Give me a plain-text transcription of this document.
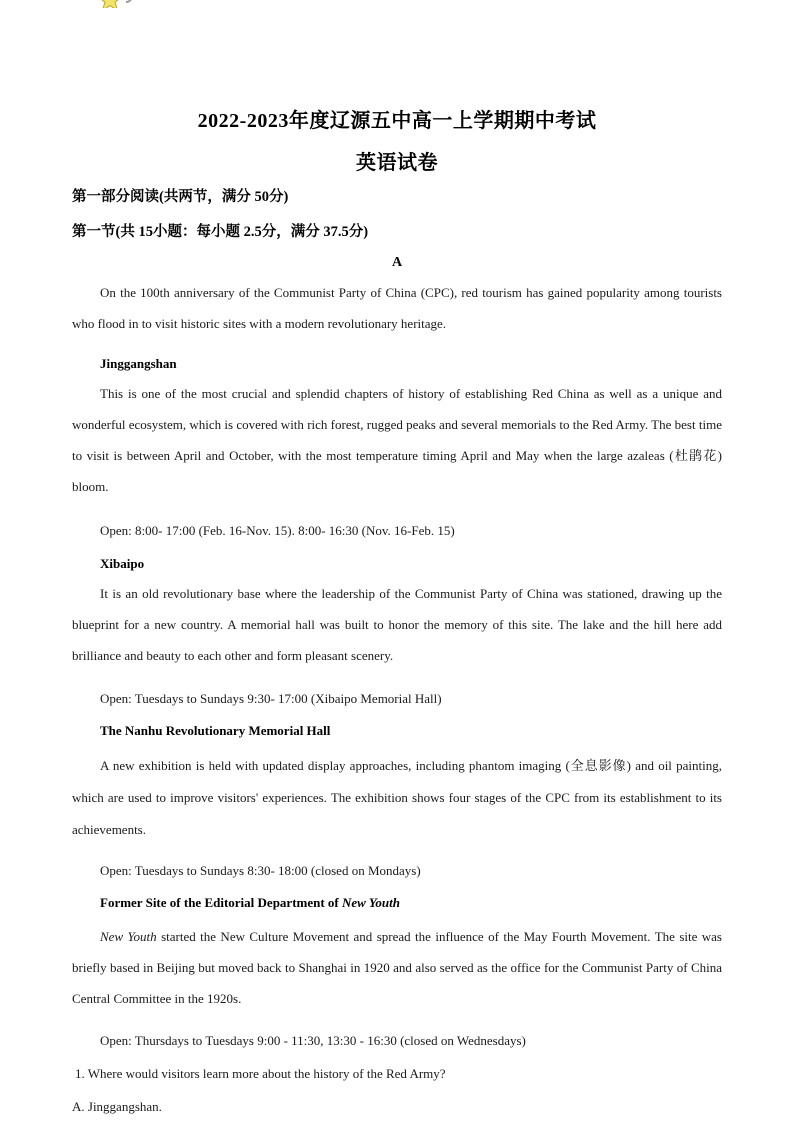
2022-2023年度辽源五中高一上学期期中考试
英语试卷
第一部分阅读(共两节，满分 50分)
第一节(共 15小题：每小题 2.5分，满分 37.5分)
A
On the 100th anniversary of the Communist Party of China (CPC), red tourism has gained popularity among tourists who flood in to visit historic sites with a modern revolutionary heritage.
Jinggangshan
This is one of the most crucial and splendid chapters of history of establishing Red China as well as a unique and wonderful ecosystem, which is covered with rich forest, rugged peaks and several memorials to the Red Army. The best time to visit is between April and October, with the most temperature timing April and May when the large azaleas (杜鹃花) bloom.
Open: 8:00- 17:00 (Feb. 16-Nov. 15). 8:00- 16:30 (Nov. 16-Feb. 15)
Xibaipo
It is an old revolutionary base where the leadership of the Communist Party of China was stationed, drawing up the blueprint for a new country. A memorial hall was built to honor the memory of this site. The lake and the hill here add brilliance and beauty to each other and form pleasant scenery.
Open: Tuesdays to Sundays 9:30- 17:00 (Xibaipo Memorial Hall)
The Nanhu Revolutionary Memorial Hall
A new exhibition is held with updated display approaches, including phantom imaging (全息影像) and oil painting, which are used to improve visitors' experiences. The exhibition shows four stages of the CPC from its establishment to its achievements.
Open: Tuesdays to Sundays 8:30- 18:00 (closed on Mondays)
Former Site of the Editorial Department of New Youth
New Youth started the New Culture Movement and spread the influence of the May Fourth Movement. The site was briefly based in Beijing but moved back to Shanghai in 1920 and also served as the office for the Communist Party of China Central Committee in the 1920s.
Open: Thursdays to Tuesdays 9:00 - 11:30, 13:30 - 16:30 (closed on Wednesdays)
1. Where would visitors learn more about the history of the Red Army?
A. Jinggangshan.
